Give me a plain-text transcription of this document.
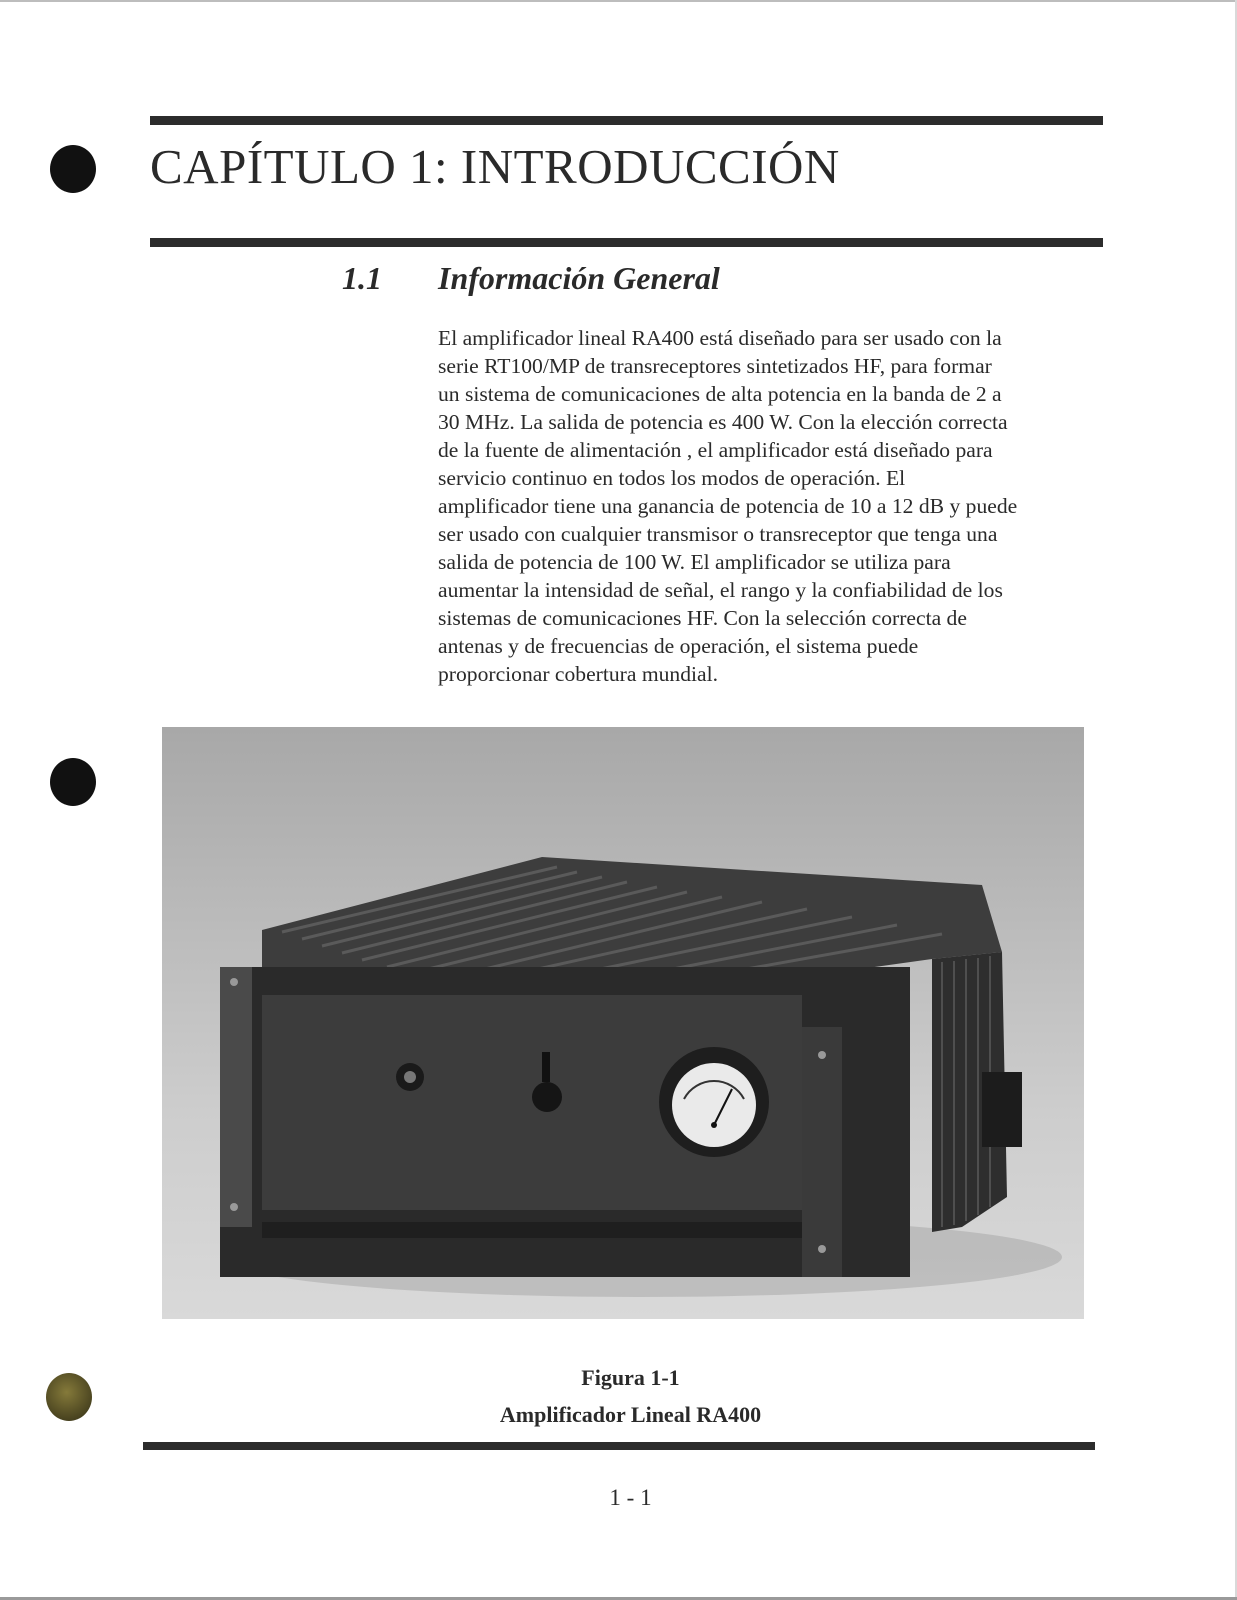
CAPÍTULO 1: INTRODUCCIÓN
1.1 Información General

El amplificador lineal RA400 está diseñado para ser usado con la
serie RT100/MP de transreceptores sintetizados HF, para formar
un sistema de comunicaciones de alta potencia en la banda de 2 a
30 MHz. La salida de potencia es 400 W. Con la elección correcta
de la fuente de alimentación , el amplificador está diseñado para
servicio continuo en todos los modos de operación. El
amplificador tiene una ganancia de potencia de 10 a 12 dB y puede
ser usado con cualquier transmisor o transreceptor que tenga una
salida de potencia de 100 W. El amplificador se utiliza para
aumentar la intensidad de señal, el rango y la confiabilidad de los
sistemas de comunicaciones HF. Con la selección correcta de
antenas y de frecuencias de operación, el sistema puede
proporcionar cobertura mundial.

Figura 1-1

Amplificador Lineal RA400

1 - 1
